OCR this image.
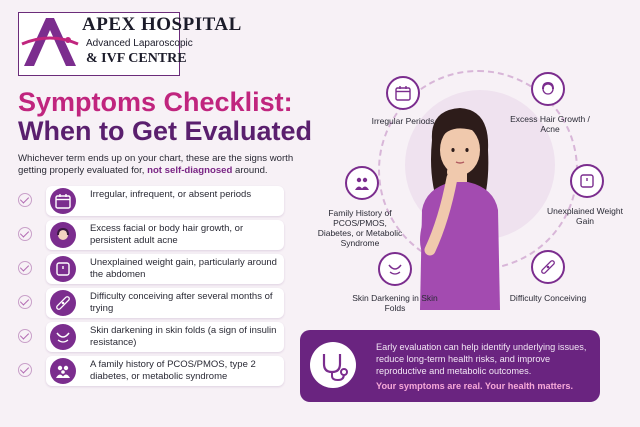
APEX HOSPITAL
Advanced Laparoscopic
& IVF CENTRE
Symptoms Checklist:
When to Get Evaluated
Whichever term ends up on your chart, these are the signs worth getting properly evaluated for, not self-diagnosed around.
Irregular, infrequent, or absent periods
Excess facial or body hair growth, or persistent adult acne
Unexplained weight gain, particularly around the abdomen
Difficulty conceiving after several months of trying
Skin darkening in skin folds (a sign of insulin resistance)
A family history of PCOS/PMOS, type 2 diabetes, or metabolic syndrome
Irregular Periods	Excess Hair Growth / Acne
Family History of PCOS/PMOS, Diabetes, or Metabolic Syndrome
Unexplained Weight Gain
Skin Darkening in Skin Folds
Difficulty Conceiving
Early evaluation can help identify underlying issues, reduce long-term health risks, and improve reproductive and metabolic outcomes.
Your symptoms are real. Your health matters.
